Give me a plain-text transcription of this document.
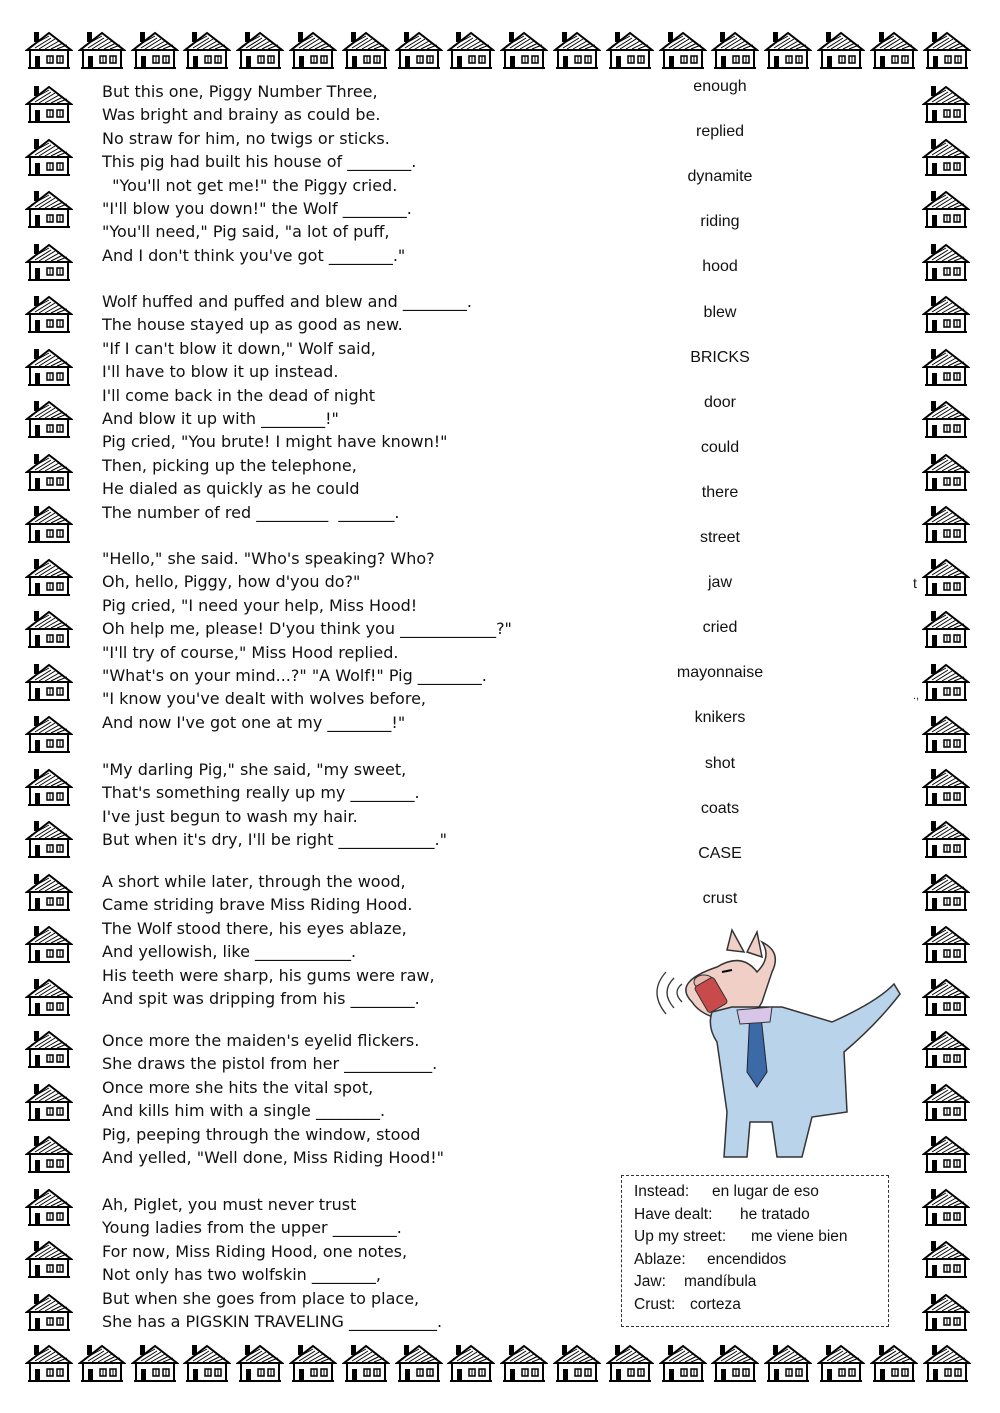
But this one, Piggy Number Three,
Was bright and brainy as could be.
No straw for him, no twigs or sticks.
This pig had built his house of ________.
"You'll not get me!" the Piggy cried.
"I'll blow you down!" the Wolf ________.
"You'll need," Pig said, "a lot of puff,
And I don't think you've got ________."
Wolf huffed and puffed and blew and ________.
The house stayed up as good as new.
"If I can't blow it down," Wolf said,
I'll have to blow it up instead.
I'll come back in the dead of night
And blow it up with ________!"
Pig cried, "You brute! I might have known!"
Then, picking up the telephone,
He dialed as quickly as he could
The number of red _________  _______.
"Hello," she said. "Who's speaking? Who?
Oh, hello, Piggy, how d'you do?"
Pig cried, "I need your help, Miss Hood!
Oh help me, please! D'you think you ____________?"
"I'll try of course," Miss Hood replied.
"What's on your mind...?" "A Wolf!" Pig ________.
"I know you've dealt with wolves before,
And now I've got one at my ________!"
"My darling Pig," she said, "my sweet,
That's something really up my ________.
I've just begun to wash my hair.
But when it's dry, I'll be right ____________."
A short while later, through the wood,
Came striding brave Miss Riding Hood.
The Wolf stood there, his eyes ablaze,
And yellowish, like ____________.
His teeth were sharp, his gums were raw,
And spit was dripping from his ________.
Once more the maiden's eyelid flickers.
She draws the pistol from her ___________.
Once more she hits the vital spot,
And kills him with a single ________.
Pig, peeping through the window, stood
And yelled, "Well done, Miss Riding Hood!"
Ah, Piglet, you must never trust
Young ladies from the upper ________.
For now, Miss Riding Hood, one notes,
Not only has two wolfskin ________,
But when she goes from place to place,
She has a PIGSKIN TRAVELING ___________.
enough
replied
dynamite
riding
hood
blew
BRICKS
door
could
there
street
jaw
cried
mayonnaise
knikers
shot
coats
CASE
crust
Instead: en lugar de eso
Have dealt: he tratado
Up my street: me viene bien
Ablaze: encendidos
Jaw: mandíbula
Crust: corteza
t
.,
